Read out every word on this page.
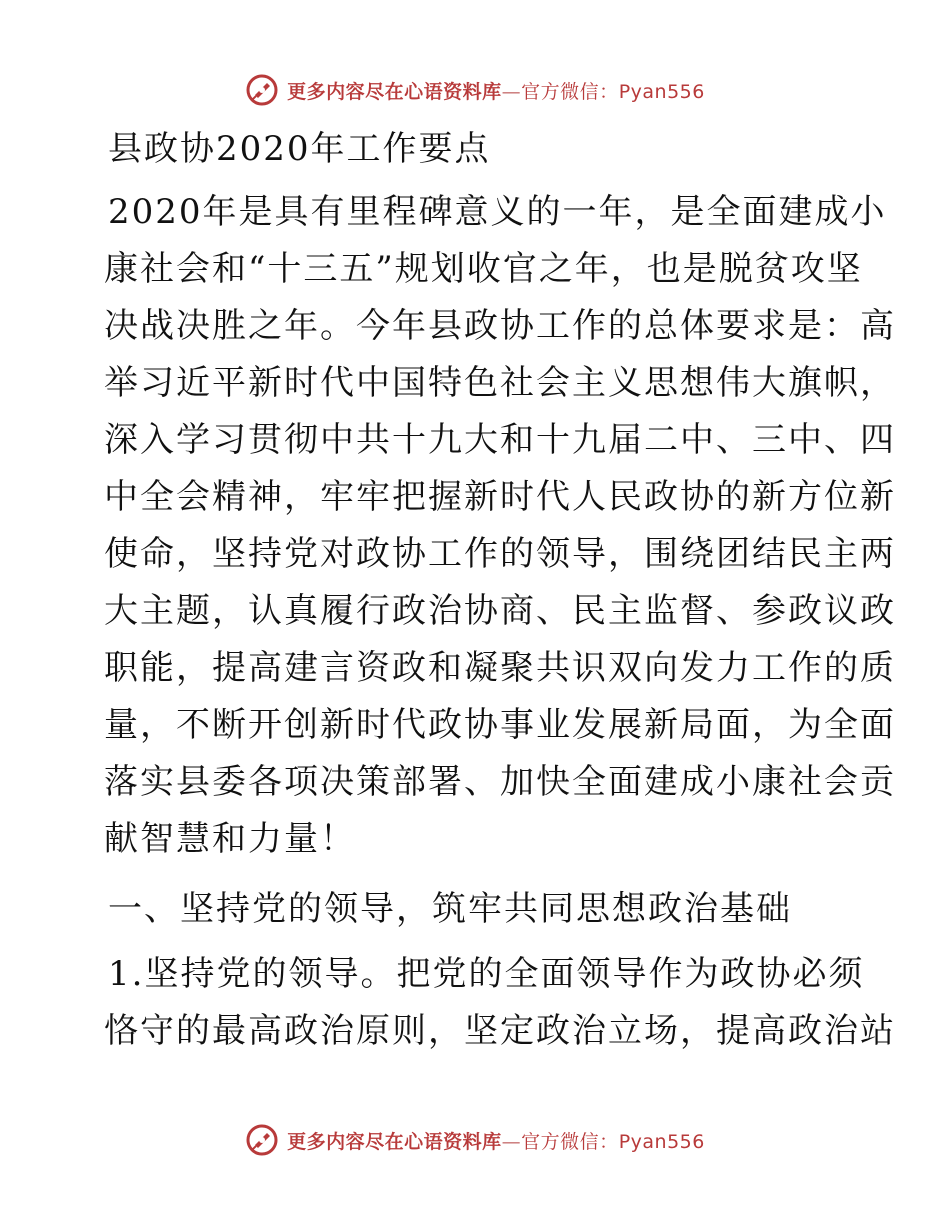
更多内容尽在心语资料库—官方微信：Pyan556
县政协2020年工作要点

2020年是具有里程碑意义的一年，是全面建成小
康社会和“十三五”规划收官之年，也是脱贫攻坚
决战决胜之年。今年县政协工作的总体要求是：高
举习近平新时代中国特色社会主义思想伟大旗帜，
深入学习贯彻中共十九大和十九届二中、三中、四
中全会精神，牢牢把握新时代人民政协的新方位新
使命，坚持党对政协工作的领导，围绕团结民主两
大主题，认真履行政治协商、民主监督、参政议政
职能，提高建言资政和凝聚共识双向发力工作的质
量，不断开创新时代政协事业发展新局面，为全面
落实县委各项决策部署、加快全面建成小康社会贡
献智慧和力量！

一、坚持党的领导，筑牢共同思想政治基础

1.坚持党的领导。把党的全面领导作为政协必须
恪守的最高政治原则，坚定政治立场，提高政治站

更多内容尽在心语资料库—官方微信：Pyan556
